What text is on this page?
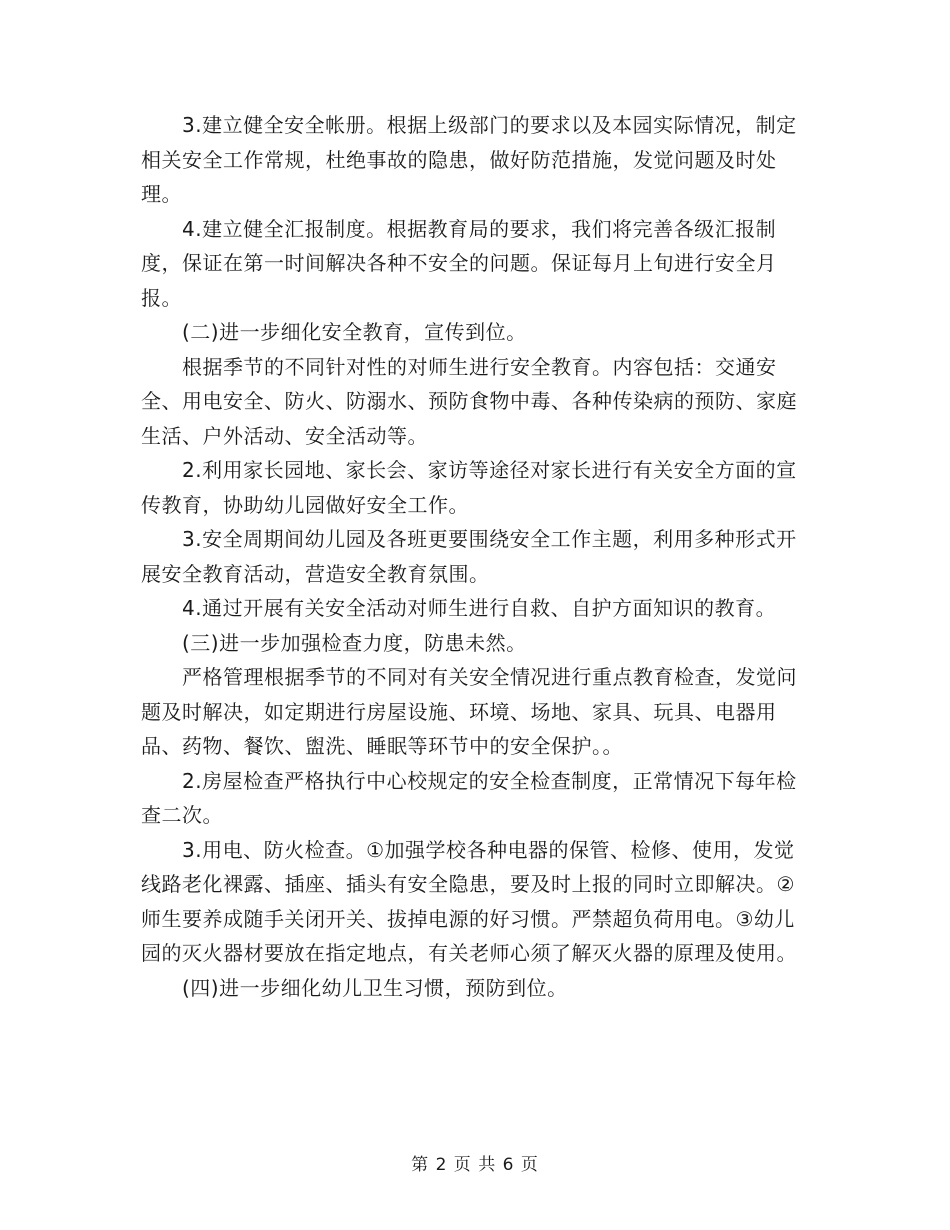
　　3.建立健全安全帐册。根据上级部门的要求以及本园实际情况，制定相关安全工作常规，杜绝事故的隐患，做好防范措施，发觉问题及时处理。

　　4.建立健全汇报制度。根据教育局的要求，我们将完善各级汇报制度，保证在第一时间解决各种不安全的问题。保证每月上旬进行安全月报。

　　(二)进一步细化安全教育，宣传到位。

　　根据季节的不同针对性的对师生进行安全教育。内容包括：交通安全、用电安全、防火、防溺水、预防食物中毒、各种传染病的预防、家庭生活、户外活动、安全活动等。

　　2.利用家长园地、家长会、家访等途径对家长进行有关安全方面的宣传教育，协助幼儿园做好安全工作。

　　3.安全周期间幼儿园及各班更要围绕安全工作主题，利用多种形式开展安全教育活动，营造安全教育氛围。

　　4.通过开展有关安全活动对师生进行自救、自护方面知识的教育。

　　(三)进一步加强检查力度，防患未然。

　　严格管理根据季节的不同对有关安全情况进行重点教育检查，发觉问题及时解决，如定期进行房屋设施、环境、场地、家具、玩具、电器用品、药物、餐饮、盥洗、睡眠等环节中的安全保护。。

　　2.房屋检查严格执行中心校规定的安全检查制度，正常情况下每年检查二次。

　　3.用电、防火检查。①加强学校各种电器的保管、检修、使用，发觉线路老化裸露、插座、插头有安全隐患，要及时上报的同时立即解决。②师生要养成随手关闭开关、拔掉电源的好习惯。严禁超负荷用电。③幼儿园的灭火器材要放在指定地点，有关老师心须了解灭火器的原理及使用。

　　(四)进一步细化幼儿卫生习惯，预防到位。

第 2 页 共 6 页
